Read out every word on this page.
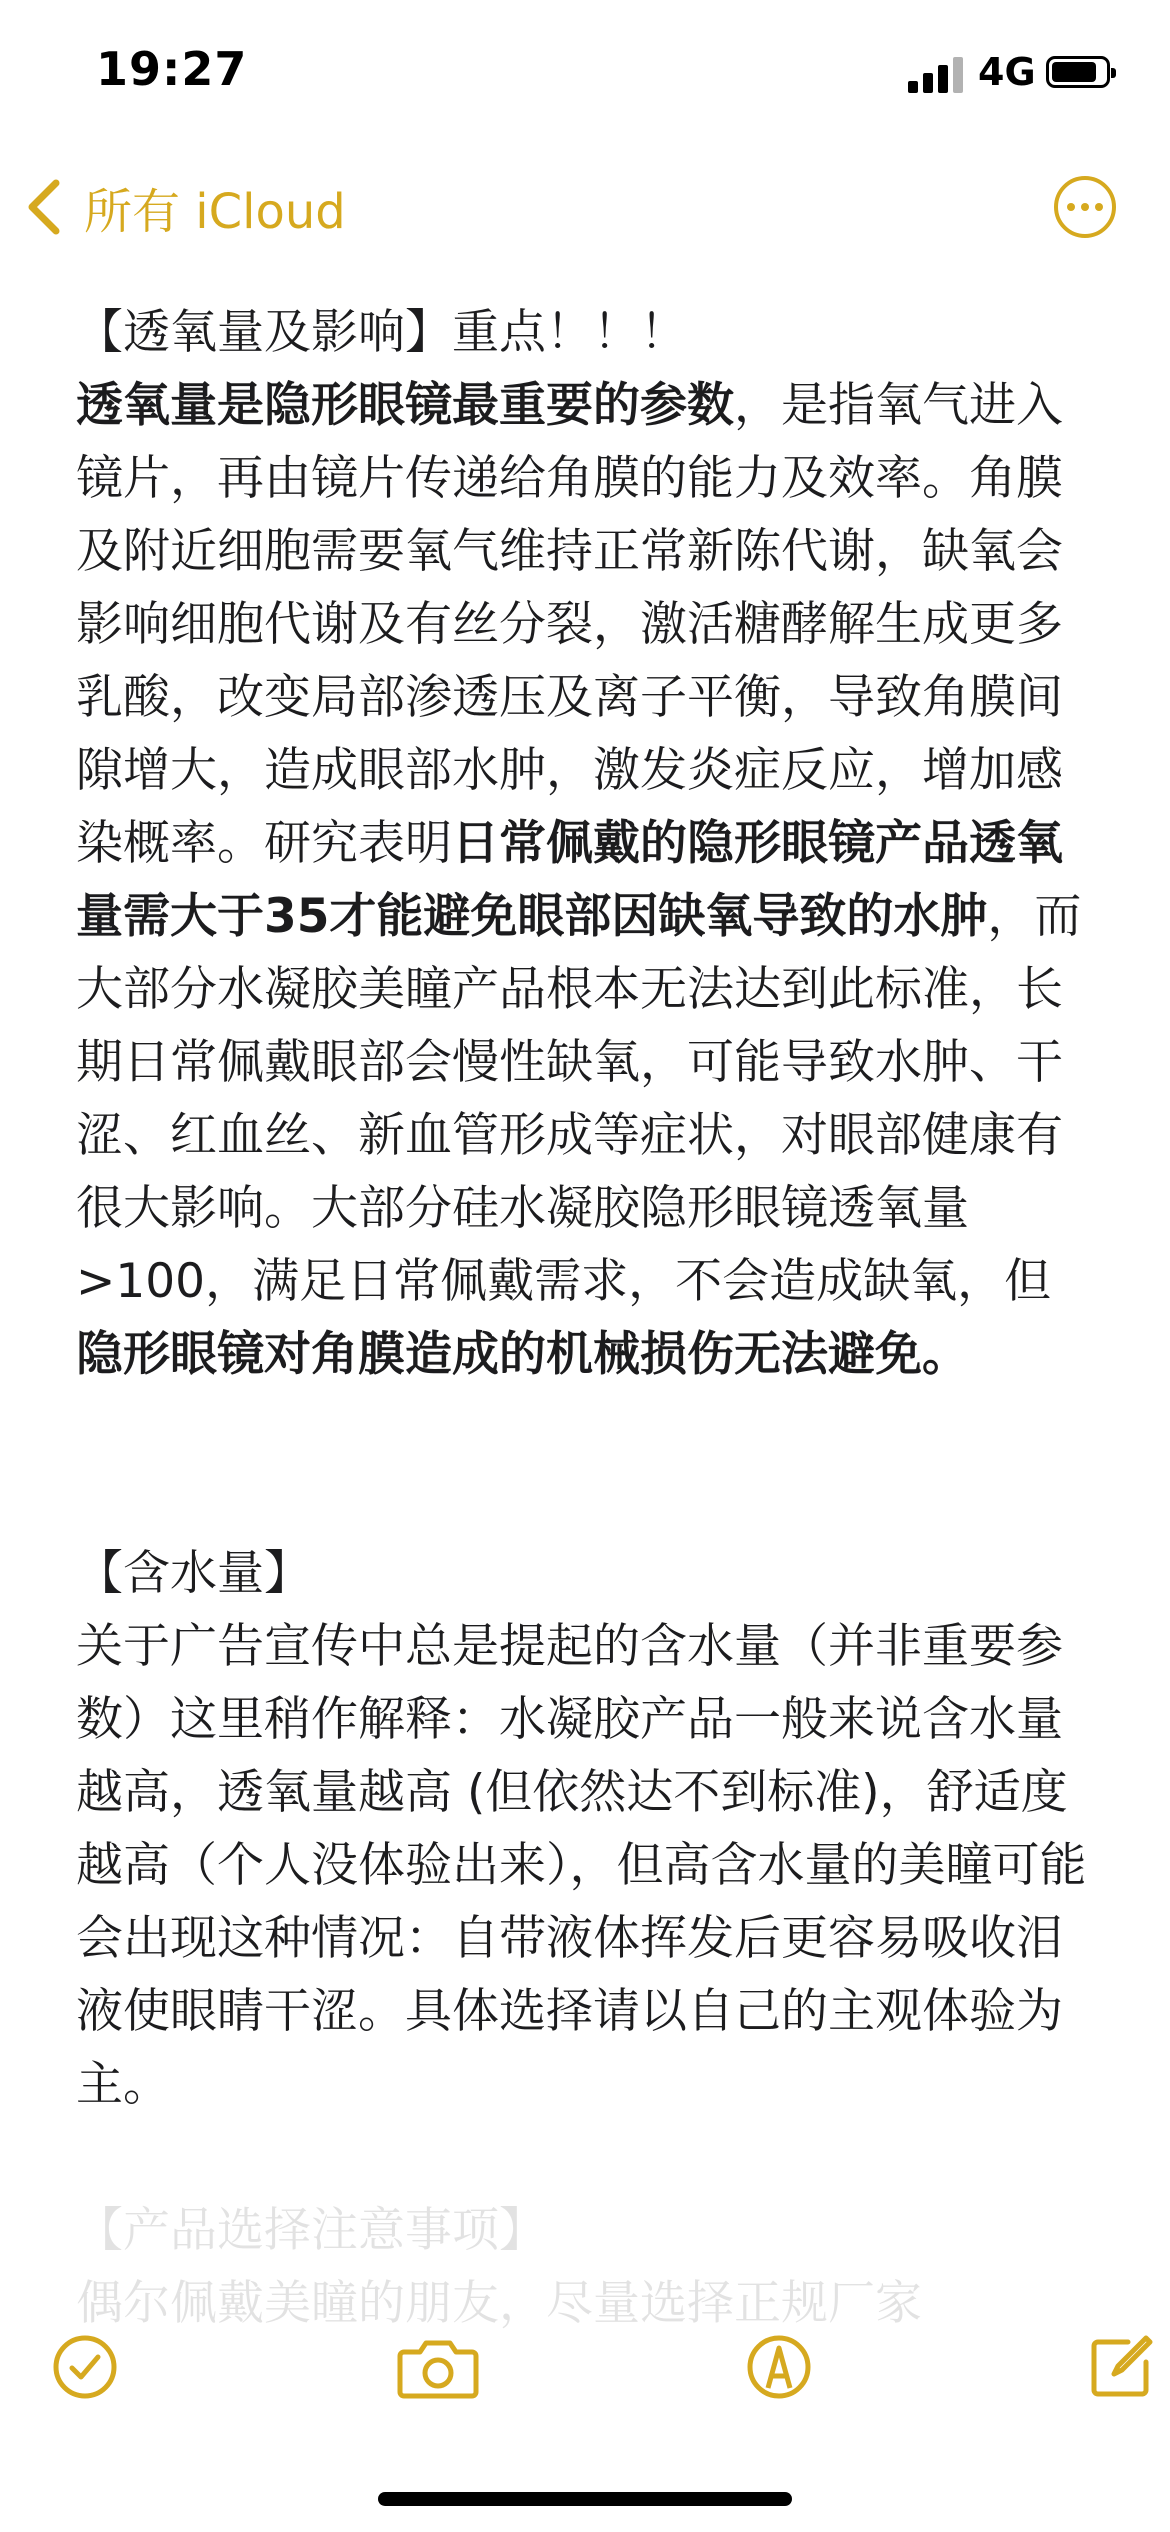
19:27	4G
所有 iCloud

【透氧量及影响】重点！！！

透氧量是隐形眼镜最重要的参数，是指氧气进入镜片，再由镜片传递给角膜的能力及效率。角膜及附近细胞需要氧气维持正常新陈代谢，缺氧会影响细胞代谢及有丝分裂，激活糖酵解生成更多乳酸，改变局部渗透压及离子平衡，导致角膜间隙增大，造成眼部水肿，激发炎症反应，增加感染概率。研究表明日常佩戴的隐形眼镜产品透氧量需大于35才能避免眼部因缺氧导致的水肿，而大部分水凝胶美瞳产品根本无法达到此标准，长期日常佩戴眼部会慢性缺氧，可能导致水肿、干涩、红血丝、新血管形成等症状，对眼部健康有很大影响。大部分硅水凝胶隐形眼镜透氧量>100，满足日常佩戴需求，不会造成缺氧，但隐形眼镜对角膜造成的机械损伤无法避免。

【含水量】

关于广告宣传中总是提起的含水量（并非重要参数）这里稍作解释：水凝胶产品一般来说含水量越高，透氧量越高 (但依然达不到标准)，舒适度越高（个人没体验出来），但高含水量的美瞳可能会出现这种情况：自带液体挥发后更容易吸收泪液使眼睛干涩。具体选择请以自己的主观体验为主。

【产品选择注意事项】

偶尔佩戴美瞳的朋友，尽量选择正规厂家
